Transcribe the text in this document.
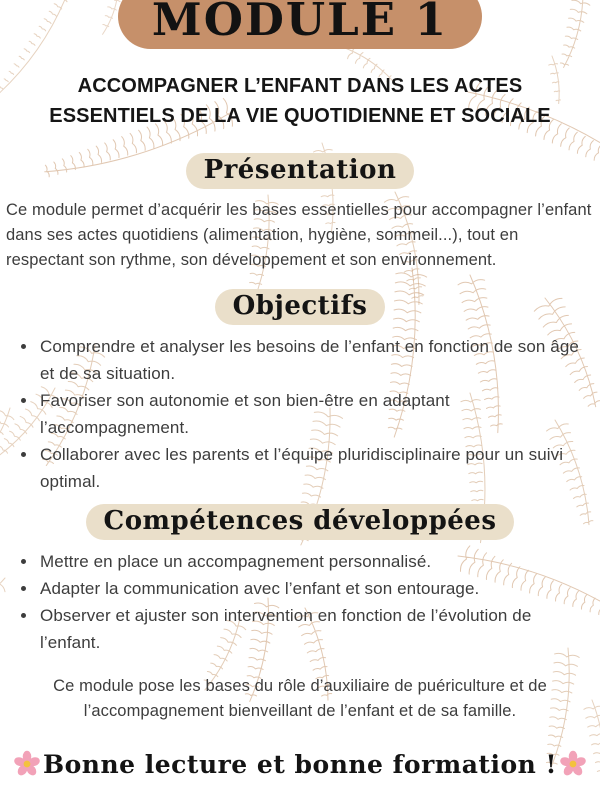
MODULE 1
ACCOMPAGNER L’ENFANT DANS LES ACTES ESSENTIELS DE LA VIE QUOTIDIENNE ET SOCIALE
Présentation

Ce module permet d’acquérir les bases essentielles pour accompagner l’enfant dans ses actes quotidiens (alimentation, hygiène, sommeil...), tout en respectant son rythme, son développement et son environnement.

Objectifs
• Comprendre et analyser les besoins de l’enfant en fonction de son âge et de sa situation.
• Favoriser son autonomie et son bien-être en adaptant l’accompagnement.
• Collaborer avec les parents et l’équipe pluridisciplinaire pour un suivi optimal.
Compétences développées
• Mettre en place un accompagnement personnalisé.
• Adapter la communication avec l’enfant et son entourage.
• Observer et ajuster son intervention en fonction de l’évolution de l’enfant.

Ce module pose les bases du rôle d’auxiliaire de puériculture et de l’accompagnement bienveillant de l’enfant et de sa famille.

Bonne lecture et bonne formation !
